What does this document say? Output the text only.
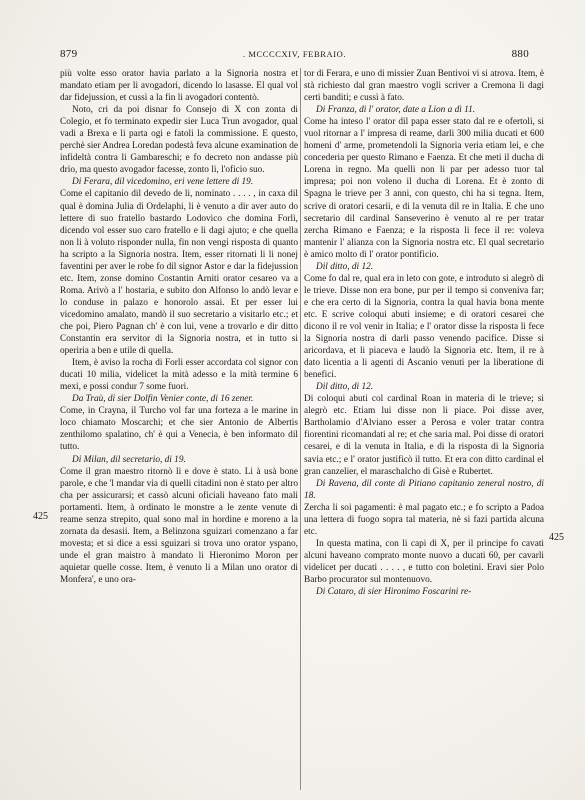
879	. MCCCCXIV, FEBRAIO.	880

più volte esso orator havia parlato a la Signoria nostra et mandato etiam per li avogadori, dicendo lo lasasse. El qual vol dar fidejussion, et cussì a la fin li avogadori contentò.

Noto, cri da poi disnar fo Consejo di X con zonta di Colegio, et fo terminato expedir sier Luca Trun avogador, qual vadi a Brexa e li parta ogi e fatoli la commissione. E questo, perchè sier Andrea Loredan podestà feva alcune examination de infideltà contra li Gambareschi; e fo decreto non andasse più drio, ma questo avogador facesse, zonto lì, l'oficio suo.

Di Ferara, dil vicedomino, eri vene lettere di 19.

Come el capitanio dil devedo de li, nominato . . . . , in caxa dil qual è domina Julia di Ordelaphi, li è venuto a dir aver auto do lettere di suo fratello bastardo Lodovico che domina Forlì, dicendo vol esser suo caro fratello e li dagi ajuto; e che quella non li à voluto risponder nulla, fin non vengi risposta di quanto ha scripto a la Signoria nostra. Item, esser ritornati li li nonej faventini per aver le robe fo dil signor Astor e dar la fidejussion etc. Item, zonse domino Costantin Arniti orator cesareo va a Roma. Arivò a l' hostaria, e subito don Alfonso lo andò levar e lo conduse in palazo e honorolo assai. Et per esser lui vicedomino amalato, mandò il suo secretario a visitarlo etc.; et che poi, Piero Pagnan ch' è con lui, vene a trovarlo e dir ditto Constantin era servitor di la Signoria nostra, et in tutto si operiria a ben e utile di quella.

Item, è aviso la rocha di Forlì esser accordata col signor con ducati 10 milia, videlicet la mità adesso e la mità termine 6 mexi, e possi condur 7 some fuori.

Da Traù, di sier Dolfin Venier conte, di 16 zener.

Come, in Crayna, il Turcho vol far una forteza a le marine in loco chiamato Moscarchi; et che sier Antonio de Albertis zenthilomo spalatino, ch' è qui a Venecia, è ben informato dil tutto.

Di Milan, dil secretario, di 19.

Come il gran maestro ritornò lì e dove è stato. Li à usà bone parole, e che 'l mandar via di quelli citadini non è stato per altro cha per assicurarsi; et cassò alcuni oficiali haveano fato mali portamenti. Item, à ordinato le monstre a le zente venute di reame senza strepito, qual sono mal in hordine e moreno a la zornata da desasii. Item, a Belinzona sguizari comenzano a far movesta; et si dice a essi sguizari si trova uno orator yspano, unde el gran maistro à mandato li Hieronimo Moron per aquietar quelle cosse. Item, è venuto li a Milan uno orator di Monfera', e uno ora-

tor di Ferara, e uno di missier Zuan Bentivoi vi si atrova. Item, è stà richiesto dal gran maestro vogli scriver a Cremona li dagi certi banditi; e cussì à fato.

Di Franza, di l' orator, date a Lion a dì 11.

Come ha inteso l' orator dil papa esser stato dal re e ofertoli, si vuol ritornar a l' impresa di reame, darli 300 milia ducati et 600 homeni d' arme, prometendoli la Signoria veria etiam lei, e che concederia per questo Rimano e Faenza. Et che meti il ducha di Lorena in regno. Ma quelli non li par per adesso tuor tal impresa; poi non voleno il ducha di Lorena. Et è zonto di Spagna le trieve per 3 anni, con questo, chi ha si tegna. Item, scrive di oratori cesarii, e di la venuta dil re in Italia. E che uno secretario dil cardinal Sanseverino è venuto al re per tratar zercha Rimano e Faenza; e la risposta li fece il re: voleva mantenir l' alianza con la Signoria nostra etc. El qual secretario è amico molto di l' orator pontificio.

Dil ditto, di 12.

Come fo dal re, qual era in leto con gote, e introduto si alegrò di le trieve. Disse non era bone, pur per il tempo si conveniva far; e che era certo di la Signoria, contra la qual havia bona mente etc. E scrive coloqui abuti insieme; e di oratori cesarei che dicono il re vol venir in Italia; e l' orator disse la risposta li fece la Signoria nostra di darli passo venendo pacifice. Disse si aricordava, et li piaceva e laudò la Signoria etc. Item, il re à dato licentia a li agenti di Ascanio venuti per la liberatione di benefici.

Dil ditto, di 12.

Di coloqui abuti col cardinal Roan in materia di le trieve; si alegrò etc. Etiam lui disse non li piace. Poi disse aver, Bartholamio d'Alviano esser a Perosa e voler tratar contra fiorentini ricomandati al re; et che saria mal. Poi disse di oratori cesarei, e di la venuta in Italia, e di la risposta di la Signoria savia etc.; e l' orator justificò il tutto. Et era con ditto cardinal el gran canzelier, el maraschalcho di Gisè e Rubertet.

Di Ravena, dil conte di Pitiano capitanio zeneral nostro, di 18.

Zercha li soi pagamenti: è mal pagato etc.; e fo scripto a Padoa una lettera di fuogo sopra tal materia, nè si fazi partida alcuna etc.

In questa matina, con li capi di X, per il principe fo cavati alcuni haveano comprato monte nuovo a ducati 60, per cavarli videlicet per ducati . . . . , e tutto con boletini. Eravi sier Polo Barbo procurator sul montenuovo.

Di Cataro, di sier Hironimo Foscarini re-

425
425
